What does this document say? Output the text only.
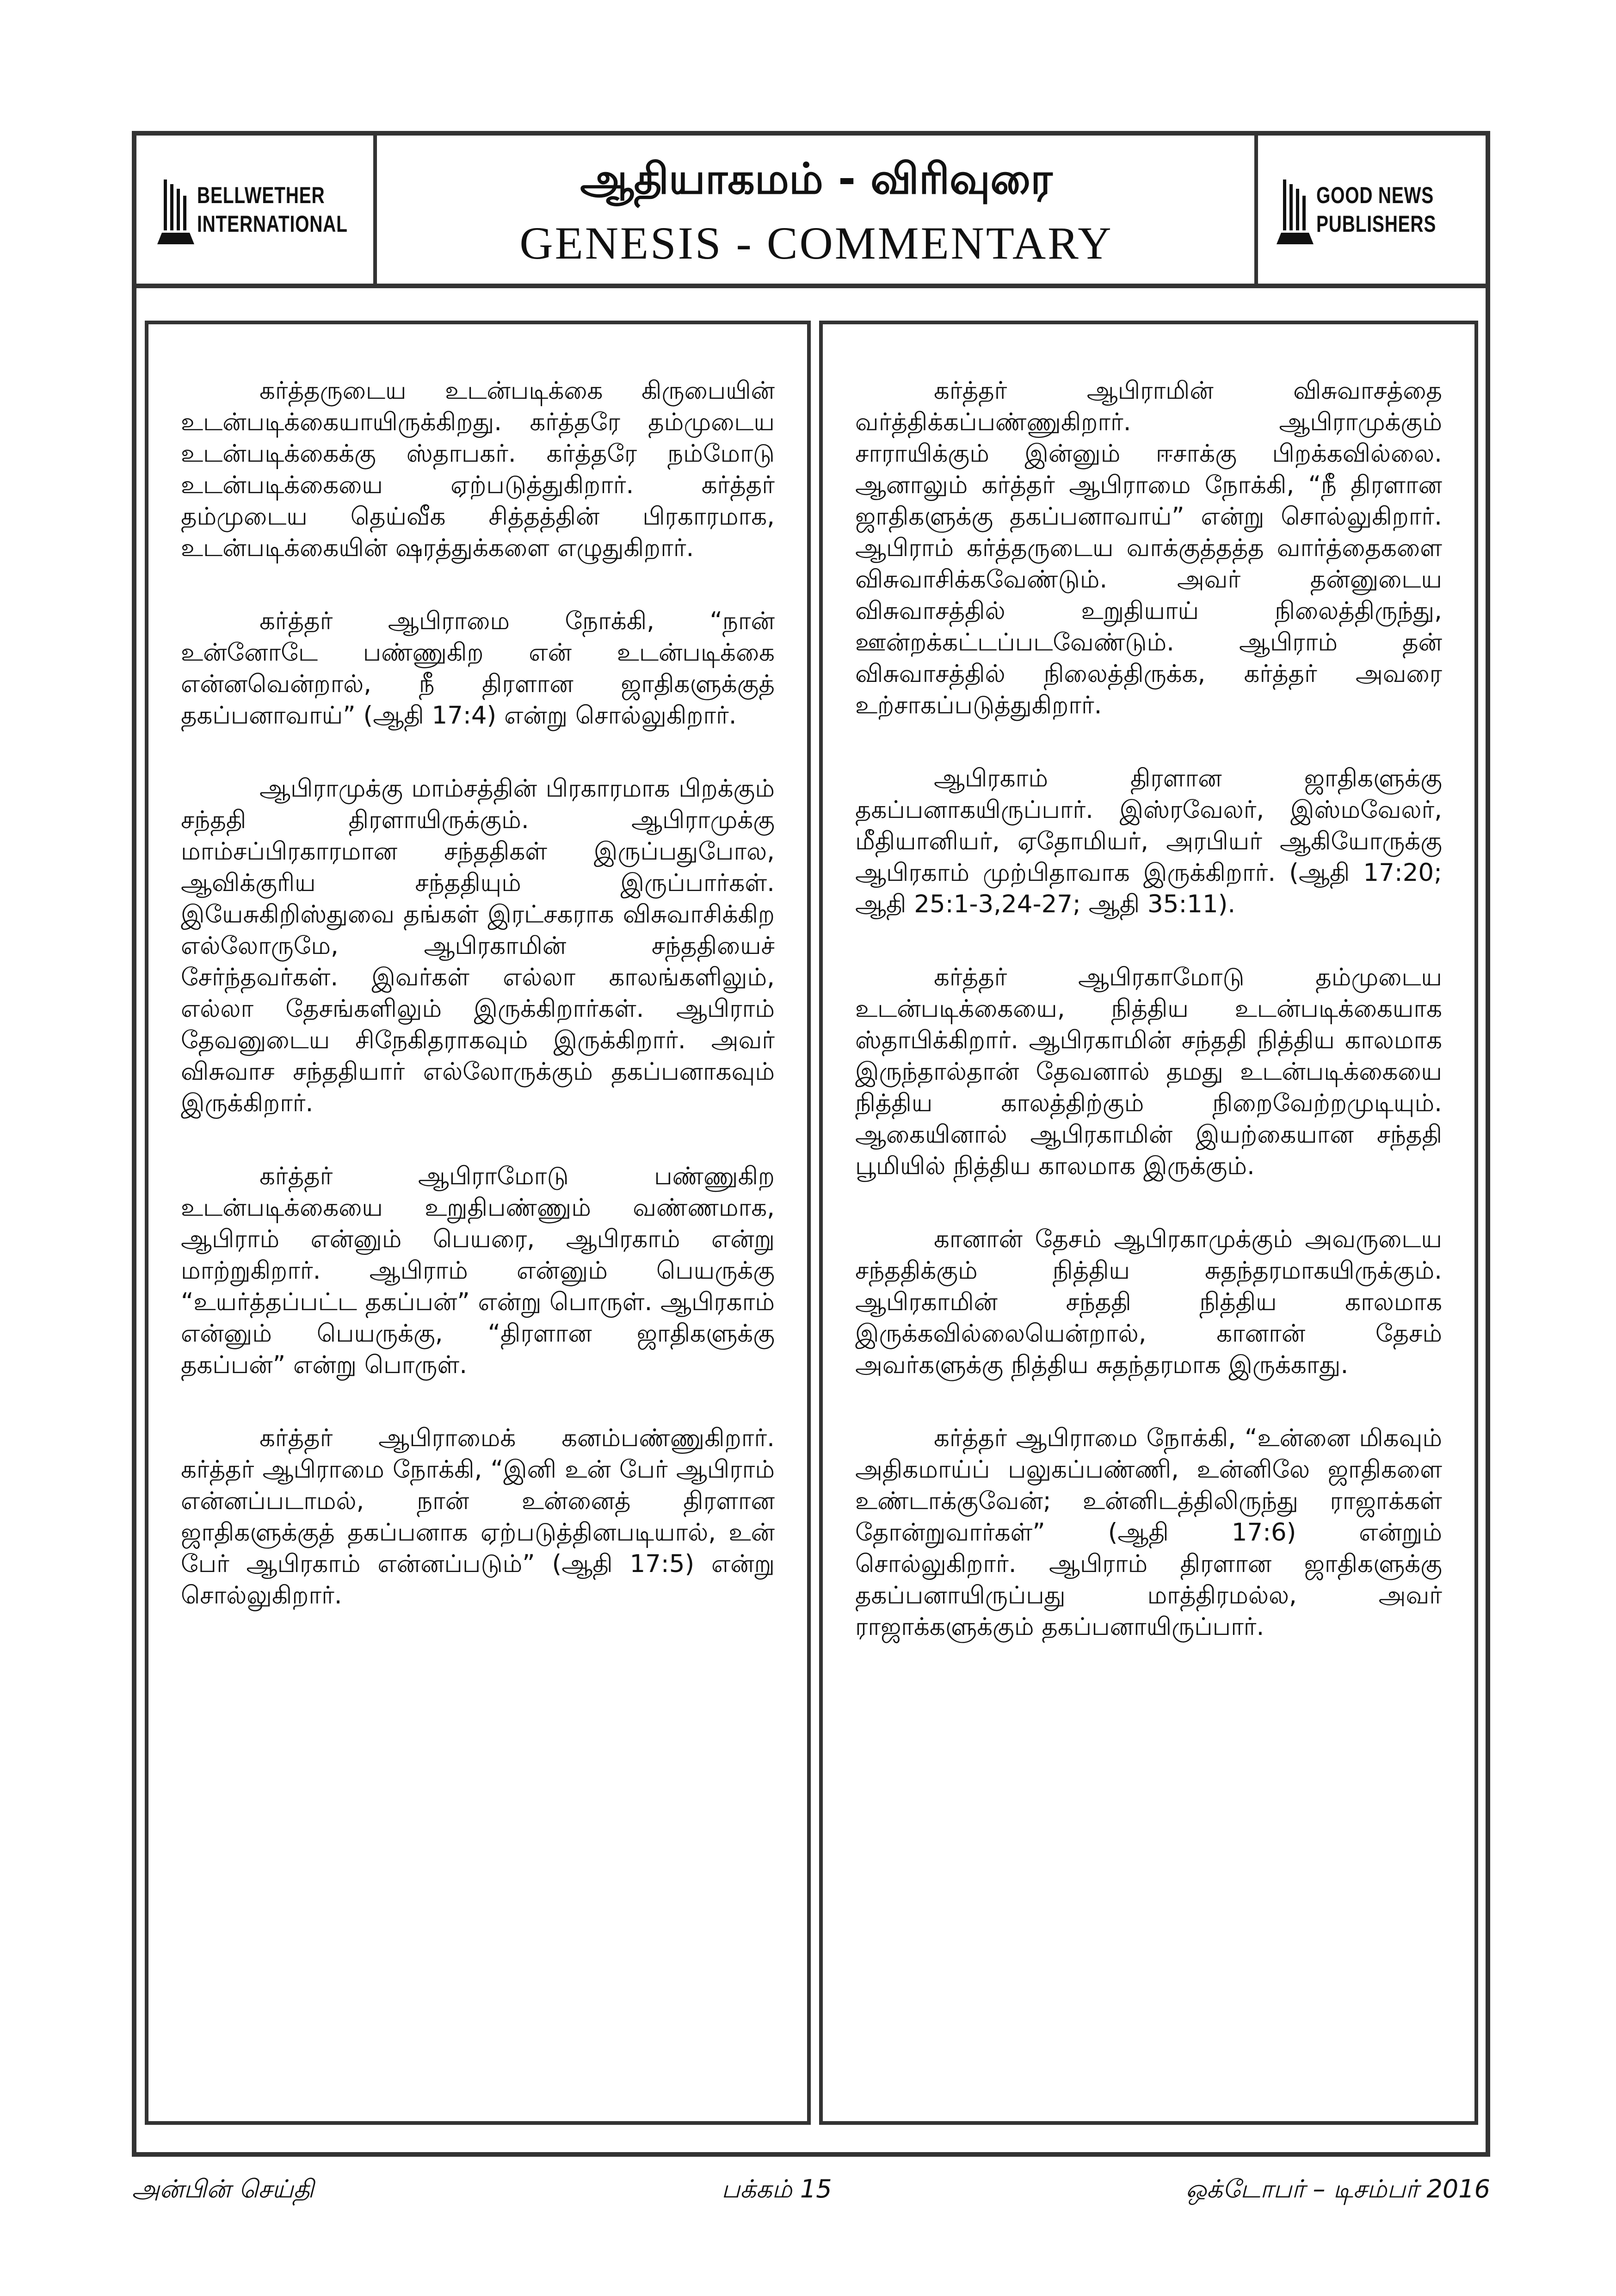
BELLWETHER
INTERNATIONAL
ஆதியாகமம் - விரிவுரை
GENESIS - COMMENTARY
GOOD NEWS
PUBLISHERS

கர்த்தருடைய உடன்படிக்கை கிருபையின் உடன்படிக்கையாயிருக்கிறது. கர்த்தரே தம்முடைய உடன்படிக்கைக்கு ஸ்தாபகர். கர்த்தரே நம்மோடு உடன்படிக்கையை ஏற்படுத்துகிறார். கர்த்தர் தம்முடைய தெய்வீக சித்தத்தின் பிரகாரமாக, உடன்படிக்கையின் ஷரத்துக்களை எழுதுகிறார்.

கர்த்தர் ஆபிராமை நோக்கி, “நான் உன்னோடே பண்ணுகிற என் உடன்படிக்கை என்னவென்றால், நீ திரளான ஜாதிகளுக்குத் தகப்பனாவாய்” (ஆதி 17:4) என்று சொல்லுகிறார்.

ஆபிராமுக்கு மாம்சத்தின் பிரகாரமாக பிறக்கும் சந்ததி திரளாயிருக்கும். ஆபிராமுக்கு மாம்சப்பிரகாரமான சந்ததிகள் இருப்பதுபோல, ஆவிக்குரிய சந்ததியும் இருப்பார்கள். இயேசுகிறிஸ்துவை தங்கள் இரட்சகராக விசுவாசிக்கிற எல்லோருமே, ஆபிரகாமின் சந்ததியைச் சேர்ந்தவர்கள். இவர்கள் எல்லா காலங்களிலும், எல்லா தேசங்களிலும் இருக்கிறார்கள். ஆபிராம் தேவனுடைய சிநேகிதராகவும் இருக்கிறார். அவர் விசுவாச சந்ததியார் எல்லோருக்கும் தகப்பனாகவும் இருக்கிறார்.

கர்த்தர் ஆபிராமோடு பண்ணுகிற உடன்படிக்கையை உறுதிபண்ணும் வண்ணமாக, ஆபிராம் என்னும் பெயரை, ஆபிரகாம் என்று மாற்றுகிறார். ஆபிராம் என்னும் பெயருக்கு “உயர்த்தப்பட்ட தகப்பன்” என்று பொருள். ஆபிரகாம் என்னும் பெயருக்கு, “திரளான ஜாதிகளுக்கு தகப்பன்” என்று பொருள்.

கர்த்தர் ஆபிராமைக் கனம்பண்ணுகிறார். கர்த்தர் ஆபிராமை நோக்கி, “இனி உன் பேர் ஆபிராம் என்னப்படாமல், நான் உன்னைத் திரளான ஜாதிகளுக்குத் தகப்பனாக ஏற்படுத்தினபடியால், உன் பேர் ஆபிரகாம் என்னப்படும்” (ஆதி 17:5) என்று சொல்லுகிறார்.

கர்த்தர் ஆபிராமின் விசுவாசத்தை வர்த்திக்கப்பண்ணுகிறார். ஆபிராமுக்கும் சாராயிக்கும் இன்னும் ஈசாக்கு பிறக்கவில்லை. ஆனாலும் கர்த்தர் ஆபிராமை நோக்கி, “நீ திரளான ஜாதிகளுக்கு தகப்பனாவாய்” என்று சொல்லுகிறார். ஆபிராம் கர்த்தருடைய வாக்குத்தத்த வார்த்தைகளை விசுவாசிக்கவேண்டும். அவர் தன்னுடைய விசுவாசத்தில் உறுதியாய் நிலைத்திருந்து, ஊன்றக்கட்டப்படவேண்டும். ஆபிராம் தன் விசுவாசத்தில் நிலைத்திருக்க, கர்த்தர் அவரை உற்சாகப்படுத்துகிறார்.

ஆபிரகாம் திரளான ஜாதிகளுக்கு தகப்பனாகயிருப்பார். இஸ்ரவேலர், இஸ்மவேலர், மீதியானியர், ஏதோமியர், அரபியர் ஆகியோருக்கு ஆபிரகாம் முற்பிதாவாக இருக்கிறார். (ஆதி 17:20; ஆதி 25:1-3,24-27; ஆதி 35:11).

கர்த்தர் ஆபிரகாமோடு தம்முடைய உடன்படிக்கையை, நித்திய உடன்படிக்கையாக ஸ்தாபிக்கிறார். ஆபிரகாமின் சந்ததி நித்திய காலமாக இருந்தால்தான் தேவனால் தமது உடன்படிக்கையை நித்திய காலத்திற்கும் நிறைவேற்றமுடியும். ஆகையினால் ஆபிரகாமின் இயற்கையான சந்ததி பூமியில் நித்திய காலமாக இருக்கும்.

கானான் தேசம் ஆபிரகாமுக்கும் அவருடைய சந்ததிக்கும் நித்திய சுதந்தரமாகயிருக்கும். ஆபிரகாமின் சந்ததி நித்திய காலமாக இருக்கவில்லையென்றால், கானான் தேசம் அவர்களுக்கு நித்திய சுதந்தரமாக இருக்காது.

கர்த்தர் ஆபிராமை நோக்கி, “உன்னை மிகவும் அதிகமாய்ப் பலுகப்பண்ணி, உன்னிலே ஜாதிகளை உண்டாக்குவேன்; உன்னிடத்திலிருந்து ராஜாக்கள் தோன்றுவார்கள்” (ஆதி 17:6) என்றும் சொல்லுகிறார். ஆபிராம் திரளான ஜாதிகளுக்கு தகப்பனாயிருப்பது மாத்திரமல்ல, அவர் ராஜாக்களுக்கும் தகப்பனாயிருப்பார்.

அன்பின் செய்தி	பக்கம் 15	ஒக்டோபர் – டிசம்பர் 2016
